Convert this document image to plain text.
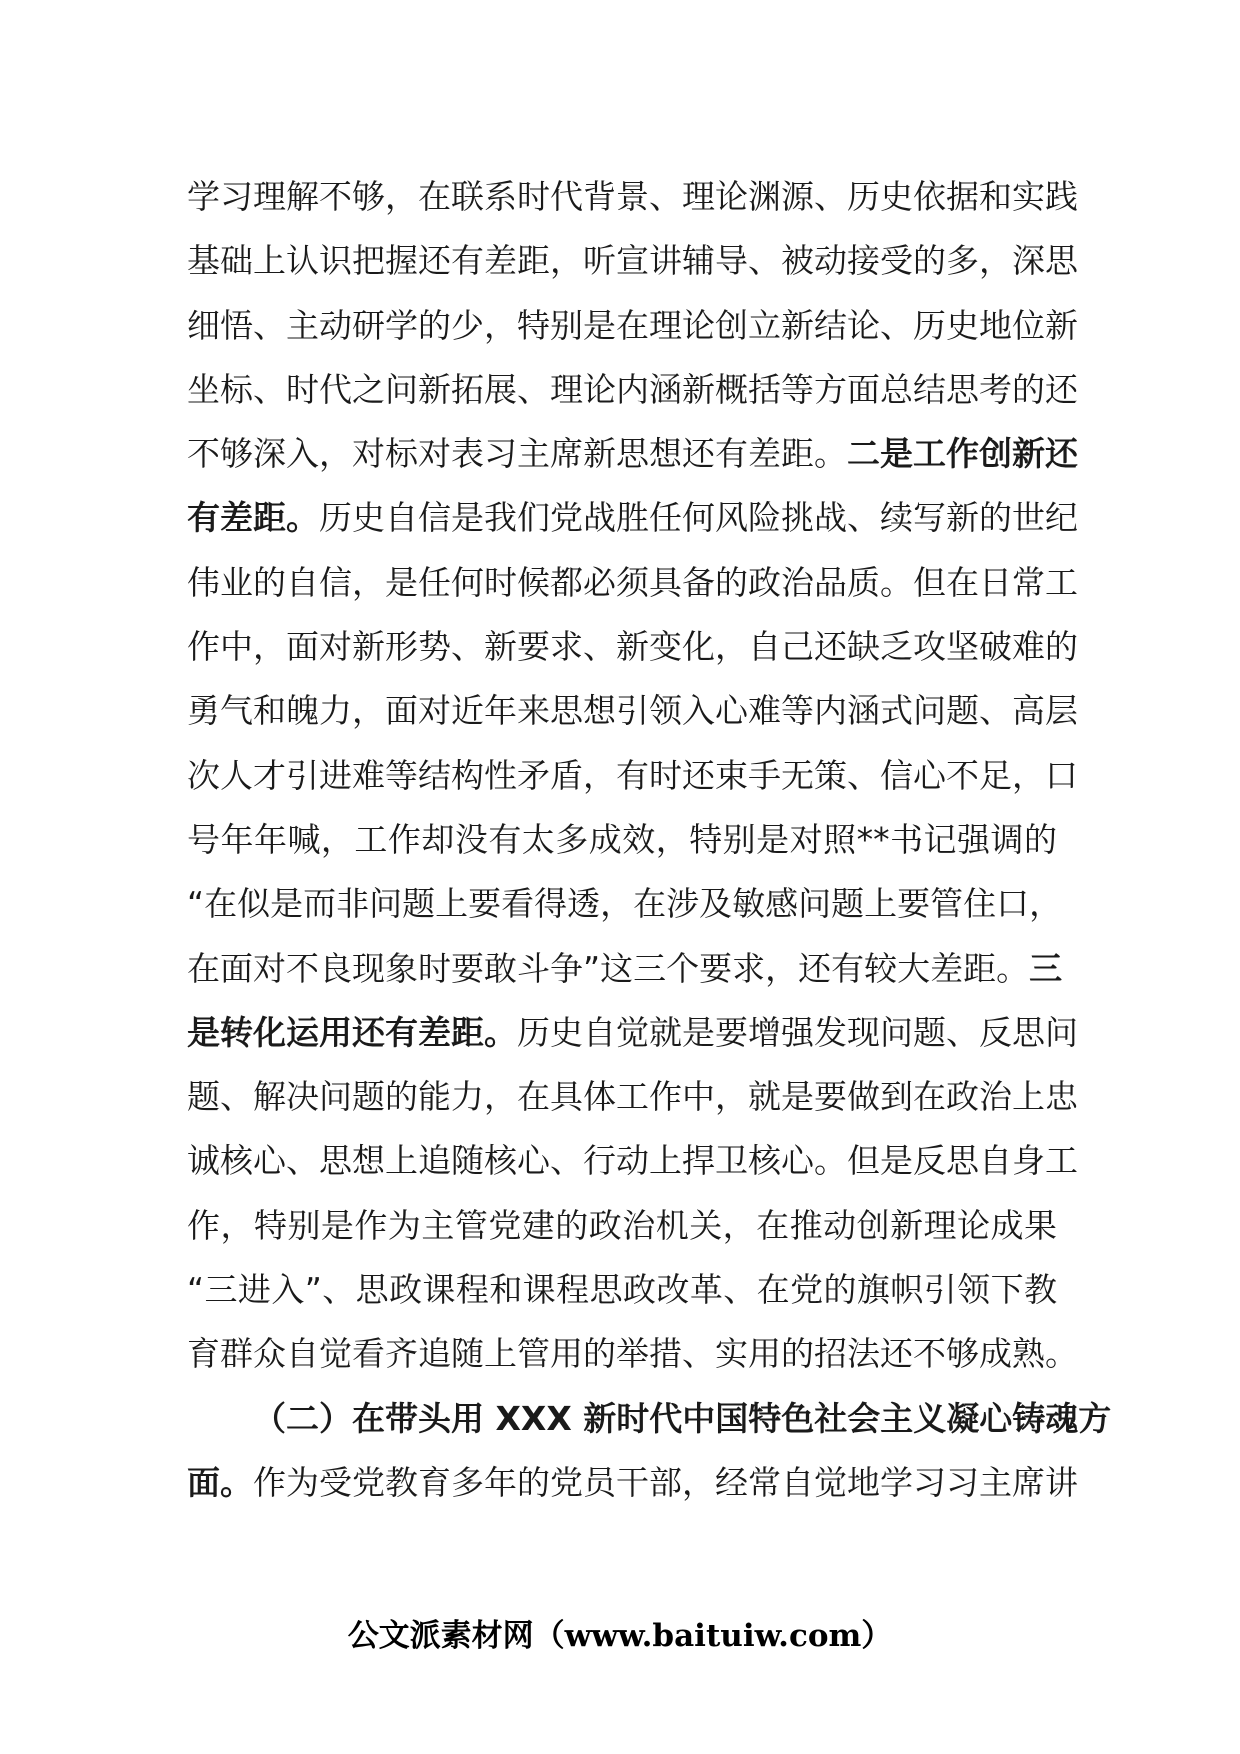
学习理解不够，在联系时代背景、理论渊源、历史依据和实践
基础上认识把握还有差距，听宣讲辅导、被动接受的多，深思
细悟、主动研学的少，特别是在理论创立新结论、历史地位新
坐标、时代之问新拓展、理论内涵新概括等方面总结思考的还
不够深入，对标对表习主席新思想还有差距。二是工作创新还
有差距。历史自信是我们党战胜任何风险挑战、续写新的世纪
伟业的自信，是任何时候都必须具备的政治品质。但在日常工
作中，面对新形势、新要求、新变化，自己还缺乏攻坚破难的
勇气和魄力，面对近年来思想引领入心难等内涵式问题、高层
次人才引进难等结构性矛盾，有时还束手无策、信心不足，口
号年年喊，工作却没有太多成效，特别是对照**书记强调的
“在似是而非问题上要看得透，在涉及敏感问题上要管住口，
在面对不良现象时要敢斗争”这三个要求，还有较大差距。三
是转化运用还有差距。历史自觉就是要增强发现问题、反思问
题、解决问题的能力，在具体工作中，就是要做到在政治上忠
诚核心、思想上追随核心、行动上捍卫核心。但是反思自身工
作，特别是作为主管党建的政治机关，在推动创新理论成果
“三进入”、思政课程和课程思政改革、在党的旗帜引领下教
育群众自觉看齐追随上管用的举措、实用的招法还不够成熟。
（二）在带头用 XXX 新时代中国特色社会主义凝心铸魂方
面。作为受党教育多年的党员干部，经常自觉地学习习主席讲
公文派素材网（www.baituiw.com）
